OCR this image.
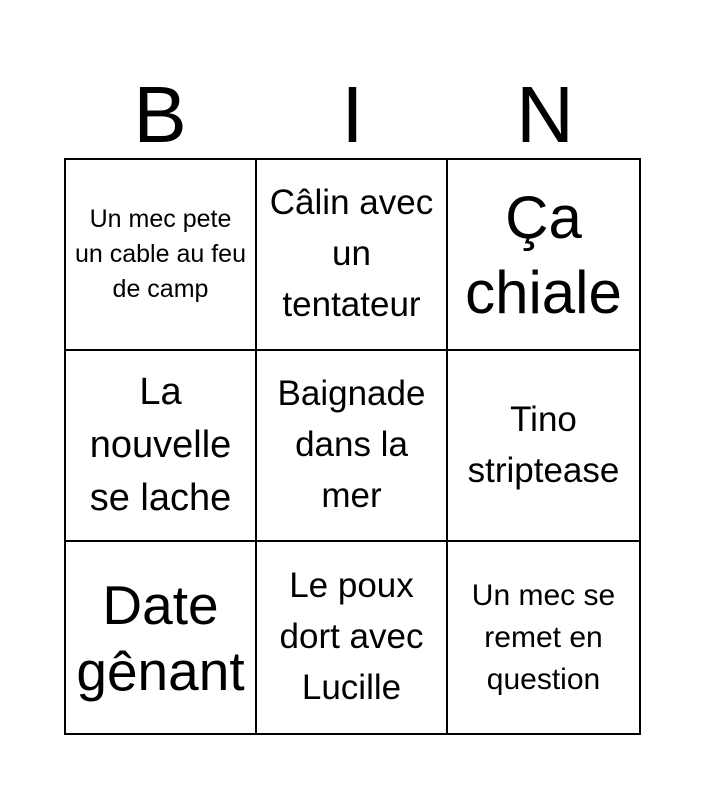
B	I	N
Un mec pete un cable au feu de camp
Câlin avec un tentateur
Ça chiale
La nouvelle se lache
Baignade dans la mer
Tino striptease
Date gênant
Le poux dort avec Lucille
Un mec se remet en question
